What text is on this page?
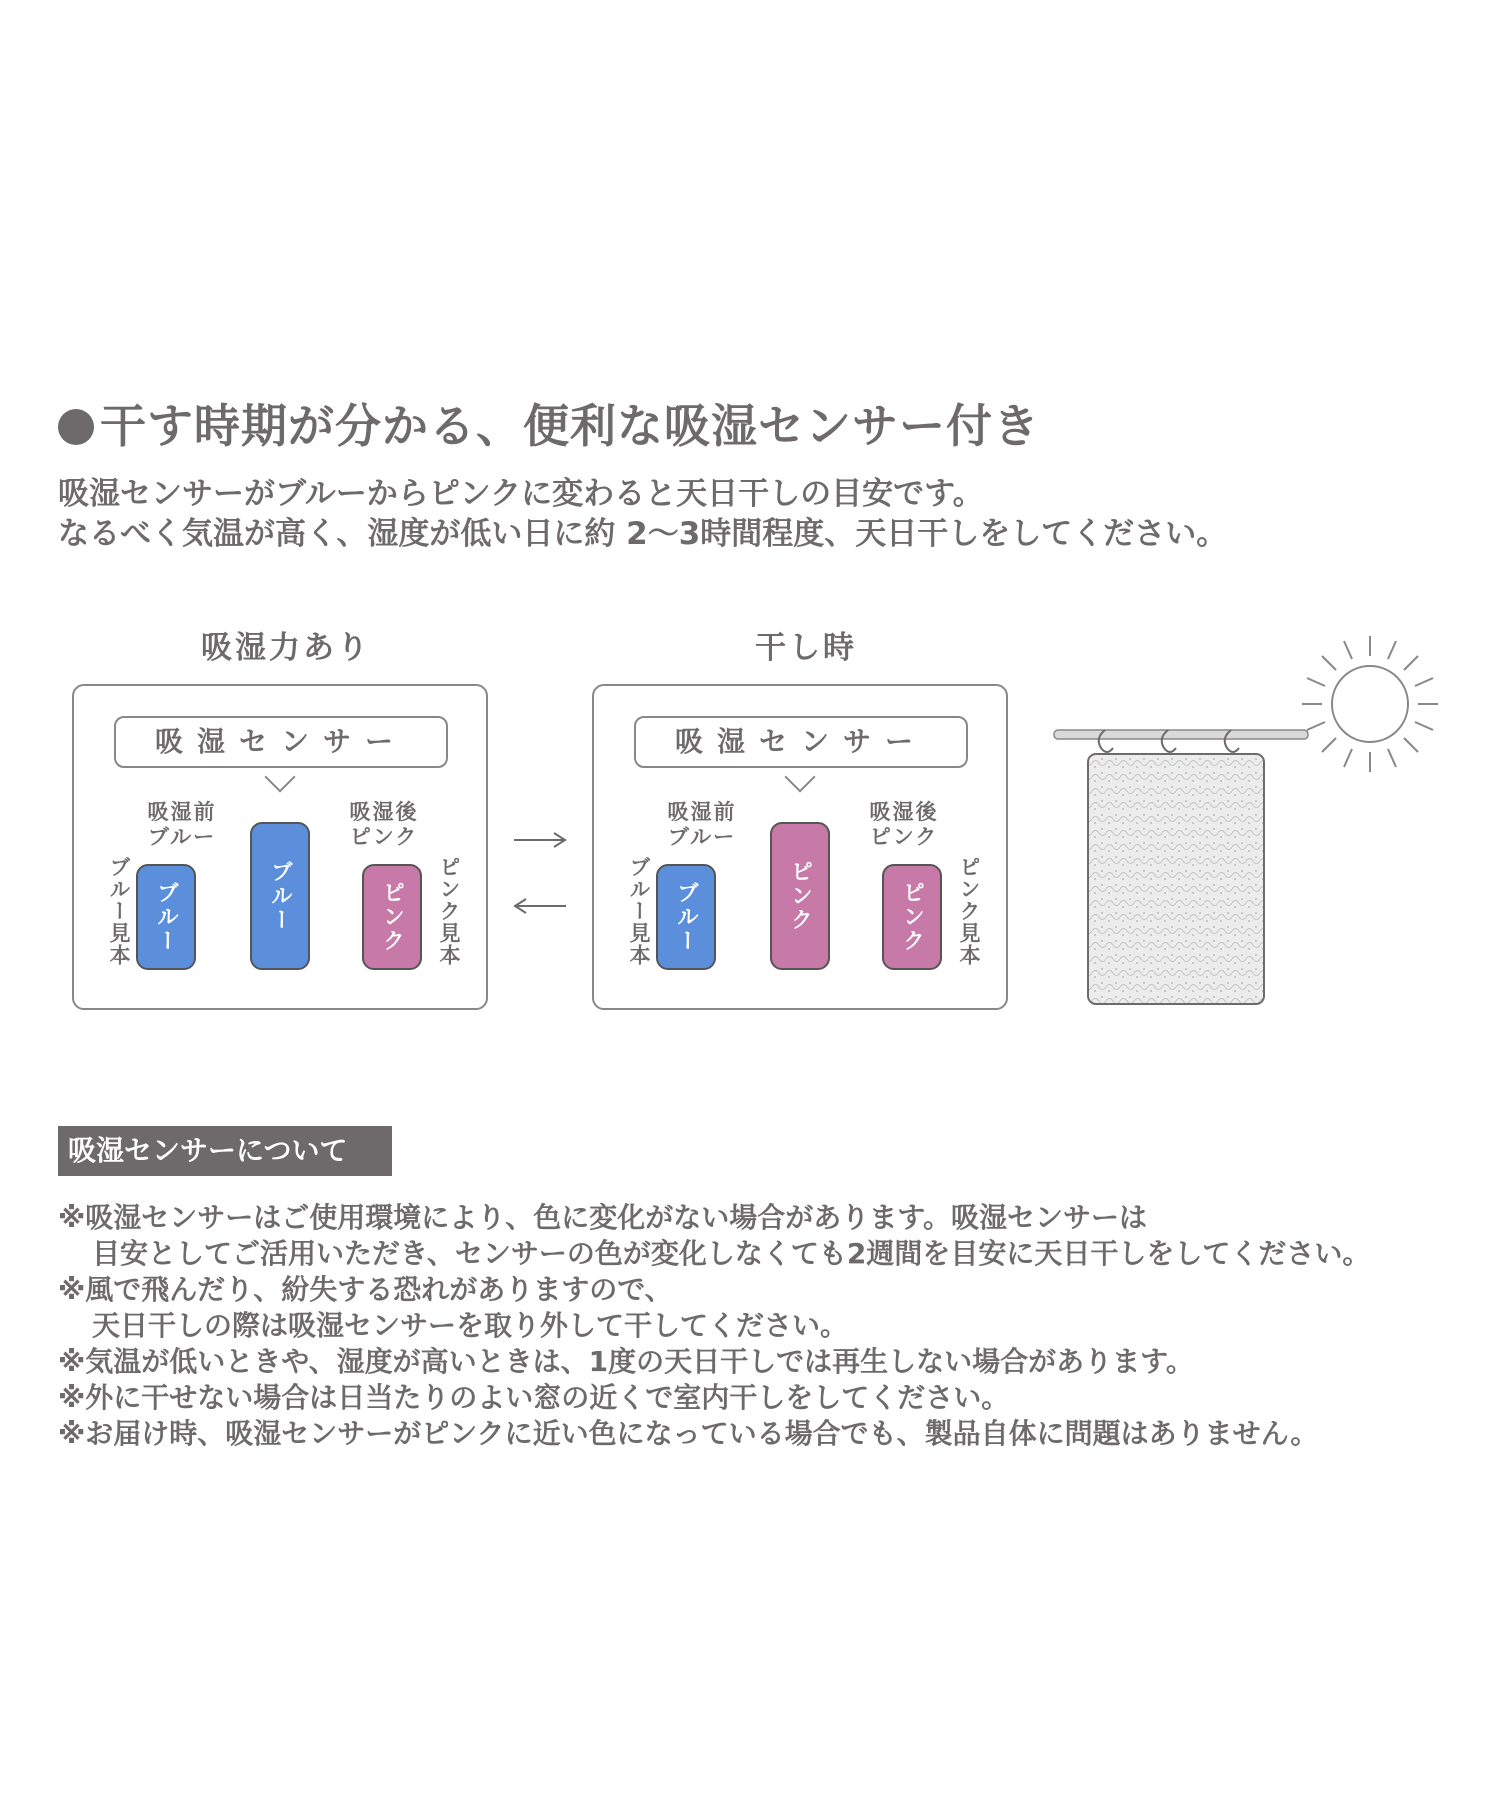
干す時期が分かる、便利な吸湿センサー付き
吸湿センサーがブルーからピンクに変わると天日干しの目安です。
なるべく気温が高く、湿度が低い日に約 2～3時間程度、天日干しをしてください。
吸湿力あり
吸湿センサー
吸湿前
ブルー
吸湿後
ピンク
ブルー見本	ブルー	ブルー	ピンク	ピンク見本
干し時
吸湿センサー
吸湿前
ブルー
吸湿後
ピンク
ブルー見本	ブルー	ピンク	ピンク	ピンク見本
吸湿センサーについて
※吸湿センサーはご使用環境により、色に変化がない場合があります。吸湿センサーは
目安としてご活用いただき、センサーの色が変化しなくても2週間を目安に天日干しをしてください。
※風で飛んだり、紛失する恐れがありますので、
天日干しの際は吸湿センサーを取り外して干してください。
※気温が低いときや、湿度が高いときは、1度の天日干しでは再生しない場合があります。
※外に干せない場合は日当たりのよい窓の近くで室内干しをしてください。
※お届け時、吸湿センサーがピンクに近い色になっている場合でも、製品自体に問題はありません。
